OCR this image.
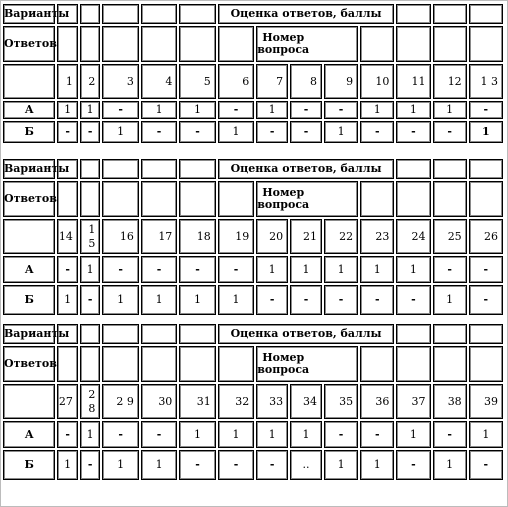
Варианты						Оценка ответов, баллы							
Ответов							Номер вопроса						
	1	2	3	4	5	6	7	8	9	10	11	12	1 3
А	1	1	-	1	1	-	1	-	-	1	1	1	-
Б	-	-	1	-	-	1	-	-	1	-	-	-	1
Варианты						Оценка ответов, баллы							
Ответов							Номер вопроса						
	14	1 5	16	17	18	19	20	21	22	23	24	25	26
А	-	1	-	-	-	-	1	1	1	1	1	-	-
Б	1	-	1	1	1	1	-	-	-	-	-	1	-
Варианты						Оценка ответов, баллы							
Ответов							Номер вопроса						
	27	2 8	2 9	30	31	32	33	34	35	36	37	38	39
А	-	1	-	-	1	1	1	1	-	-	1	-	1
Б	1	-	1	1	-	-	-	..	1	1	-	1	-
